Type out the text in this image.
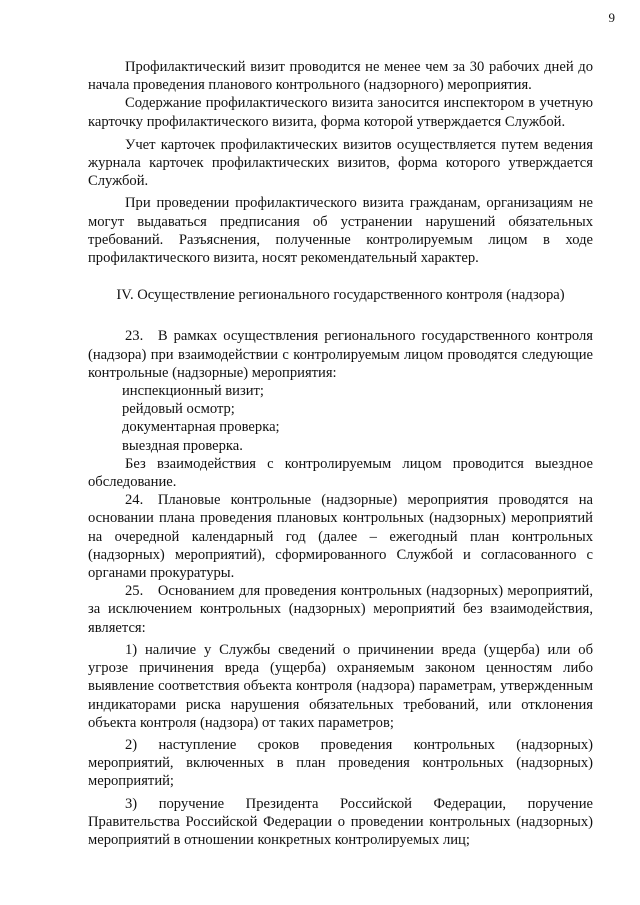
9

Профилактический визит проводится не менее чем за 30 рабочих дней до начала проведения планового контрольного (надзорного) мероприятия.

Содержание профилактического визита заносится инспектором в учетную карточку профилактического визита, форма которой утверждается Службой.

Учет карточек профилактических визитов осуществляется путем ведения журнала карточек профилактических визитов, форма которого утверждается Службой.

При проведении профилактического визита гражданам, организациям не могут выдаваться предписания об устранении нарушений обязательных требований. Разъяснения, полученные контролируемым лицом в ходе профилактического визита, носят рекомендательный характер.

IV. Осуществление регионального государственного контроля (надзора)

23. В рамках осуществления регионального государственного контроля (надзора) при взаимодействии с контролируемым лицом проводятся следующие контрольные (надзорные) мероприятия:

инспекционный визит;

рейдовый осмотр;

документарная проверка;

выездная проверка.

Без взаимодействия с контролируемым лицом проводится выездное обследование.

24. Плановые контрольные (надзорные) мероприятия проводятся на основании плана проведения плановых контрольных (надзорных) мероприятий на очередной календарный год (далее – ежегодный план контрольных (надзорных) мероприятий), сформированного Службой и согласованного с органами прокуратуры.

25. Основанием для проведения контрольных (надзорных) мероприятий, за исключением контрольных (надзорных) мероприятий без взаимодействия, является:

1) наличие у Службы сведений о причинении вреда (ущерба) или об угрозе причинения вреда (ущерба) охраняемым законом ценностям либо выявление соответствия объекта контроля (надзора) параметрам, утвержденным индикаторами риска нарушения обязательных требований, или отклонения объекта контроля (надзора) от таких параметров;

2) наступление сроков проведения контрольных (надзорных) мероприятий, включенных в план проведения контрольных (надзорных) мероприятий;

3) поручение Президента Российской Федерации, поручение Правительства Российской Федерации о проведении контрольных (надзорных) мероприятий в отношении конкретных контролируемых лиц;
